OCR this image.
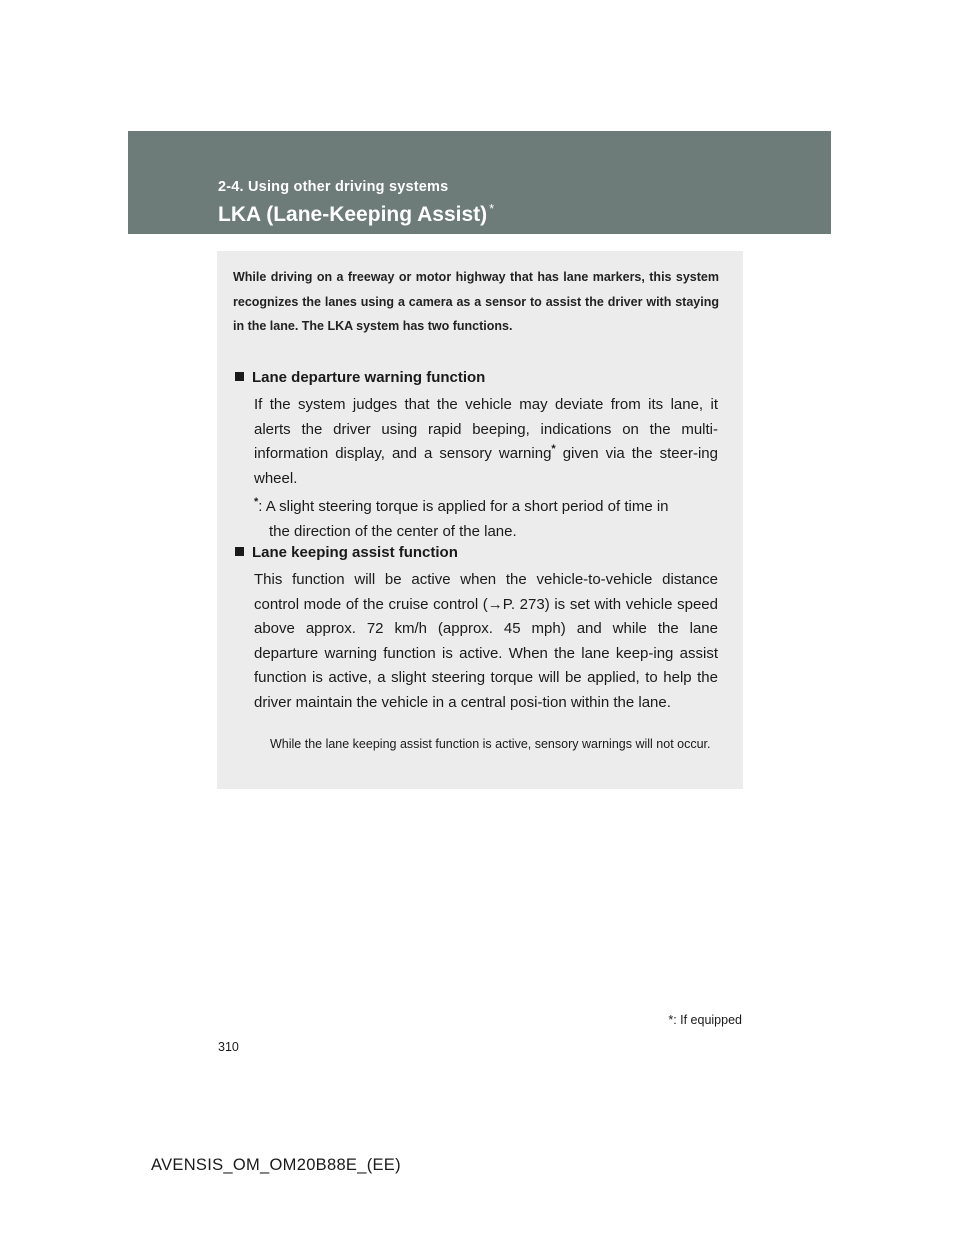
2-4. Using other driving systems
LKA (Lane-Keeping Assist) *

While driving on a freeway or motor highway that has lane markers, this system recognizes the lanes using a camera as a sensor to assist the driver with staying in the lane. The LKA system has two functions.

Lane departure warning function

If the system judges that the vehicle may deviate from its lane, it alerts the driver using rapid beeping, indications on the multi-information display, and a sensory warning* given via the steer-ing wheel.

*: A slight steering torque is applied for a short period of time in
the direction of the center of the lane.
Lane keeping assist function

This function will be active when the vehicle-to-vehicle distance control mode of the cruise control (→P. 273) is set with vehicle speed above approx. 72 km/h (approx. 45 mph) and while the lane departure warning function is active. When the lane keep-ing assist function is active, a slight steering torque will be applied, to help the driver maintain the vehicle in a central posi-tion within the lane.

While the lane keeping assist function is active, sensory warnings will not occur.

*: If equipped
310
AVENSIS_OM_OM20B88E_(EE)
